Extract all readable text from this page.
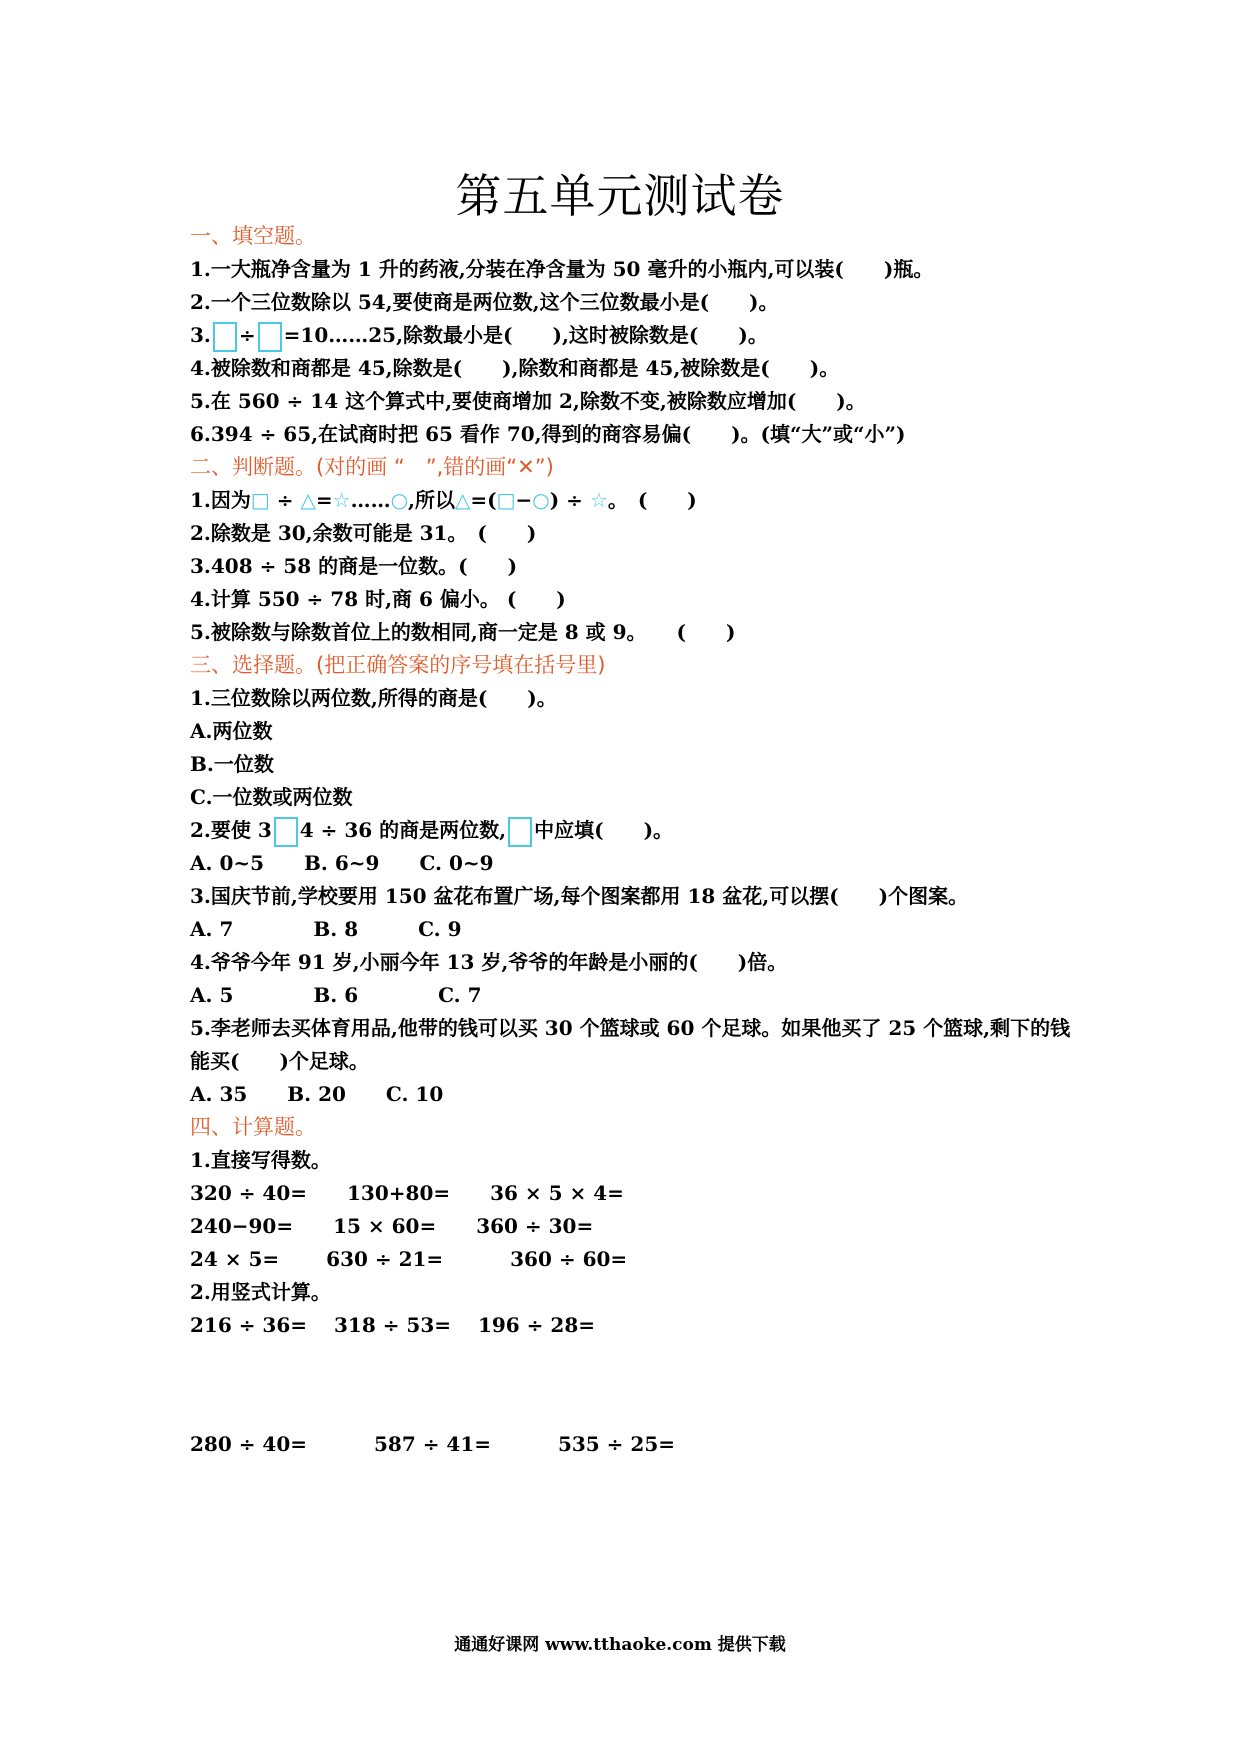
第五单元测试卷
一、填空题。
1.一大瓶净含量为 1 升的药液,分装在净含量为 50 毫升的小瓶内,可以装(　　)瓶。
2.一个三位数除以 54,要使商是两位数,这个三位数最小是(　　)。
3. ÷ =10……25,除数最小是(　　),这时被除数是(　　)。
4.被除数和商都是 45,除数是(　　),除数和商都是 45,被除数是(　　)。
5.在 560 ÷ 14 这个算式中,要使商增加 2,除数不变,被除数应增加(　　)。
6.394 ÷ 65,在试商时把 65 看作 70,得到的商容易偏(　　)。(填“大”或“小”)
二、判断题。(对的画 “　”,错的画“✕”)
1.因为□ ÷ △=☆……○,所以△=(□−○) ÷ ☆。　(　　)
2.除数是 30,余数可能是 31。　(　　)
3.408 ÷ 58 的商是一位数。(　　)
4.计算 550 ÷ 78 时,商 6 偏小。 (　　)
5.被除数与除数首位上的数相同,商一定是 8 或 9。　　(　　)
三、选择题。(把正确答案的序号填在括号里)
1.三位数除以两位数,所得的商是(　　)。
A.两位数
B.一位数
C.一位数或两位数
2.要使 3 4 ÷ 36 的商是两位数, 中应填(　　)。
A. 0~5　　B. 6~9　　C. 0~9
3.国庆节前,学校要用 150 盆花布置广场,每个图案都用 18 盆花,可以摆(　　)个图案。
A. 7　　　　B. 8　　　C. 9
4.爷爷今年 91 岁,小丽今年 13 岁,爷爷的年龄是小丽的(　　)倍。
A. 5　　　　B. 6　　　　C. 7
5.李老师去买体育用品,他带的钱可以买 30 个篮球或 60 个足球。如果他买了 25 个篮球,剩下的钱能买(　　)个足球。
A. 35　　B. 20　　C. 10
四、计算题。
1.直接写得数。
320 ÷ 40=　　130+80=　　36 × 5 × 4=
240−90=　　15 × 60=　　360 ÷ 30=
24 × 5=　　 630 ÷ 21=　　　 360 ÷ 60=
2.用竖式计算。
216 ÷ 36=　 318 ÷ 53=　 196 ÷ 28=
280 ÷ 40=　　　 587 ÷ 41=　　　 535 ÷ 25=
通通好课网 www.tthaoke.com 提供下载
